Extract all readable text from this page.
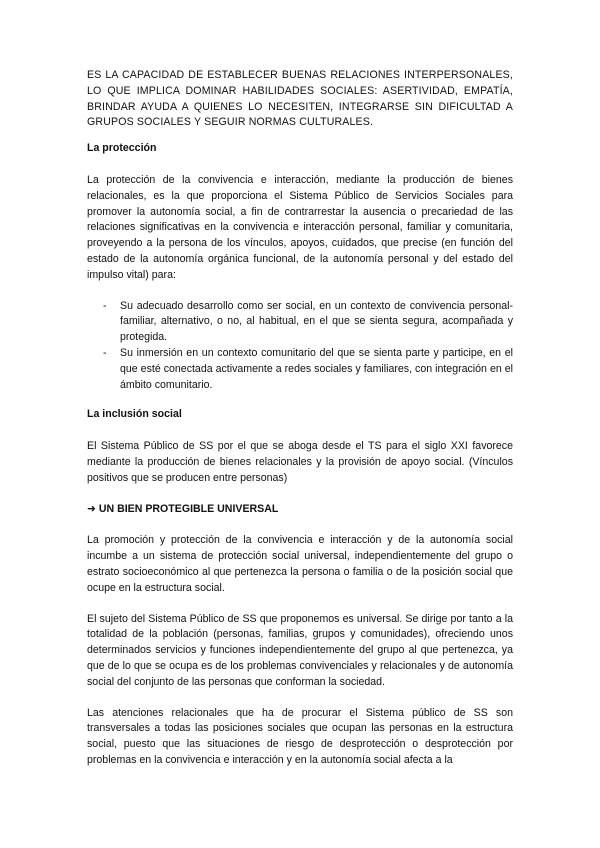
ES LA CAPACIDAD DE ESTABLECER BUENAS RELACIONES INTERPERSONALES, LO QUE IMPLICA DOMINAR HABILIDADES SOCIALES: ASERTIVIDAD, EMPATÍA, BRINDAR AYUDA A QUIENES LO NECESITEN, INTEGRARSE SIN DIFICULTAD A GRUPOS SOCIALES Y SEGUIR NORMAS CULTURALES.

La protección

La protección de la convivencia e interacción, mediante la producción de bienes relacionales, es la que proporciona el Sistema Público de Servicios Sociales para promover la autonomía social, a fin de contrarrestar la ausencia o precariedad de las relaciones significativas en la convivencia e interacción personal, familiar y comunitaria, proveyendo a la persona de los vínculos, apoyos, cuidados, que precise (en función del estado de la autonomía orgánica funcional, de la autonomía personal y del estado del impulso vital) para:

- Su adecuado desarrollo como ser social, en un contexto de convivencia personal-familiar, alternativo, o no, al habitual, en el que se sienta segura, acompañada y protegida.
- Su inmersión en un contexto comunitario del que se sienta parte y participe, en el que esté conectada activamente a redes sociales y familiares, con integración en el ámbito comunitario.

La inclusión social

El Sistema Público de SS por el que se aboga desde el TS para el siglo XXI favorece mediante la producción de bienes relacionales y la provisión de apoyo social. (Vínculos positivos que se producen entre personas)

➜ UN BIEN PROTEGIBLE UNIVERSAL

La promoción y protección de la convivencia e interacción y de la autonomía social incumbe a un sistema de protección social universal, independientemente del grupo o estrato socioeconómico al que pertenezca la persona o familia o de la posición social que ocupe en la estructura social.

El sujeto del Sistema Público de SS que proponemos es universal. Se dirige por tanto a la totalidad de la población (personas, familias, grupos y comunidades), ofreciendo unos determinados servicios y funciones independientemente del grupo al que pertenezca, ya que de lo que se ocupa es de los problemas convivenciales y relacionales y de autonomía social del conjunto de las personas que conforman la sociedad.

Las atenciones relacionales que ha de procurar el Sistema público de SS son transversales a todas las posiciones sociales que ocupan las personas en la estructura social, puesto que las situaciones de riesgo de desprotección o desprotección por problemas en la convivencia e interacción y en la autonomía social afecta a la
